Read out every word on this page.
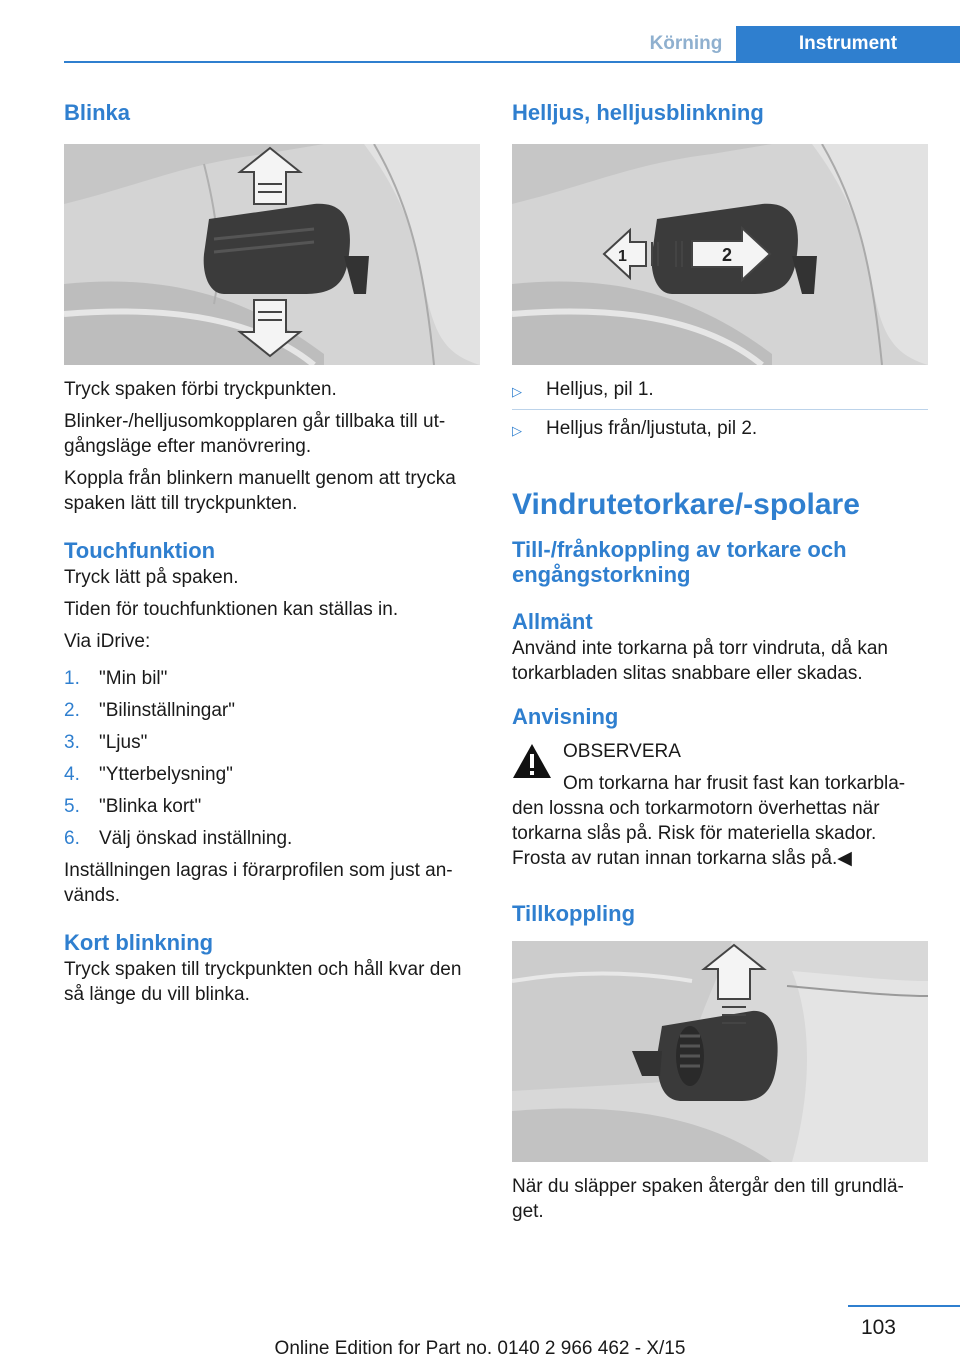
Körning	Instrument
Blinka

Tryck spaken förbi tryckpunkten.

Blinker-/helljusomkopplaren går tillbaka till ut-gångsläge efter manövrering.

Koppla från blinkern manuellt genom att trycka spaken lätt till tryckpunkten.

Touchfunktion

Tryck lätt på spaken.

Tiden för touchfunktionen kan ställas in.

Via iDrive:

1.	"Min bil"
2.	"Bilinställningar"
3.	"Ljus"
4.	"Ytterbelysning"
5.	"Blinka kort"
6.	Välj önskad inställning.

Inställningen lagras i förarprofilen som just an-vänds.

Kort blinkning

Tryck spaken till tryckpunkten och håll kvar den så länge du vill blinka.

Helljus, helljusblinkning
1	2
▷	Helljus, pil 1.
▷	Helljus från/ljustuta, pil 2.
Vindrutetorkare/-spolare
Till-/frånkoppling av torkare och engångstorkning
Allmänt

Använd inte torkarna på torr vindruta, då kan torkarbladen slitas snabbare eller skadas.

Anvisning
OBSERVERA

Om torkarna har frusit fast kan torkarbla-den lossna och torkarmotorn överhettas när torkarna slås på. Risk för materiella skador. Frosta av rutan innan torkarna slås på.◀

Tillkoppling

När du släpper spaken återgår den till grundlä-get.

103
Online Edition for Part no. 0140 2 966 462 - X/15
